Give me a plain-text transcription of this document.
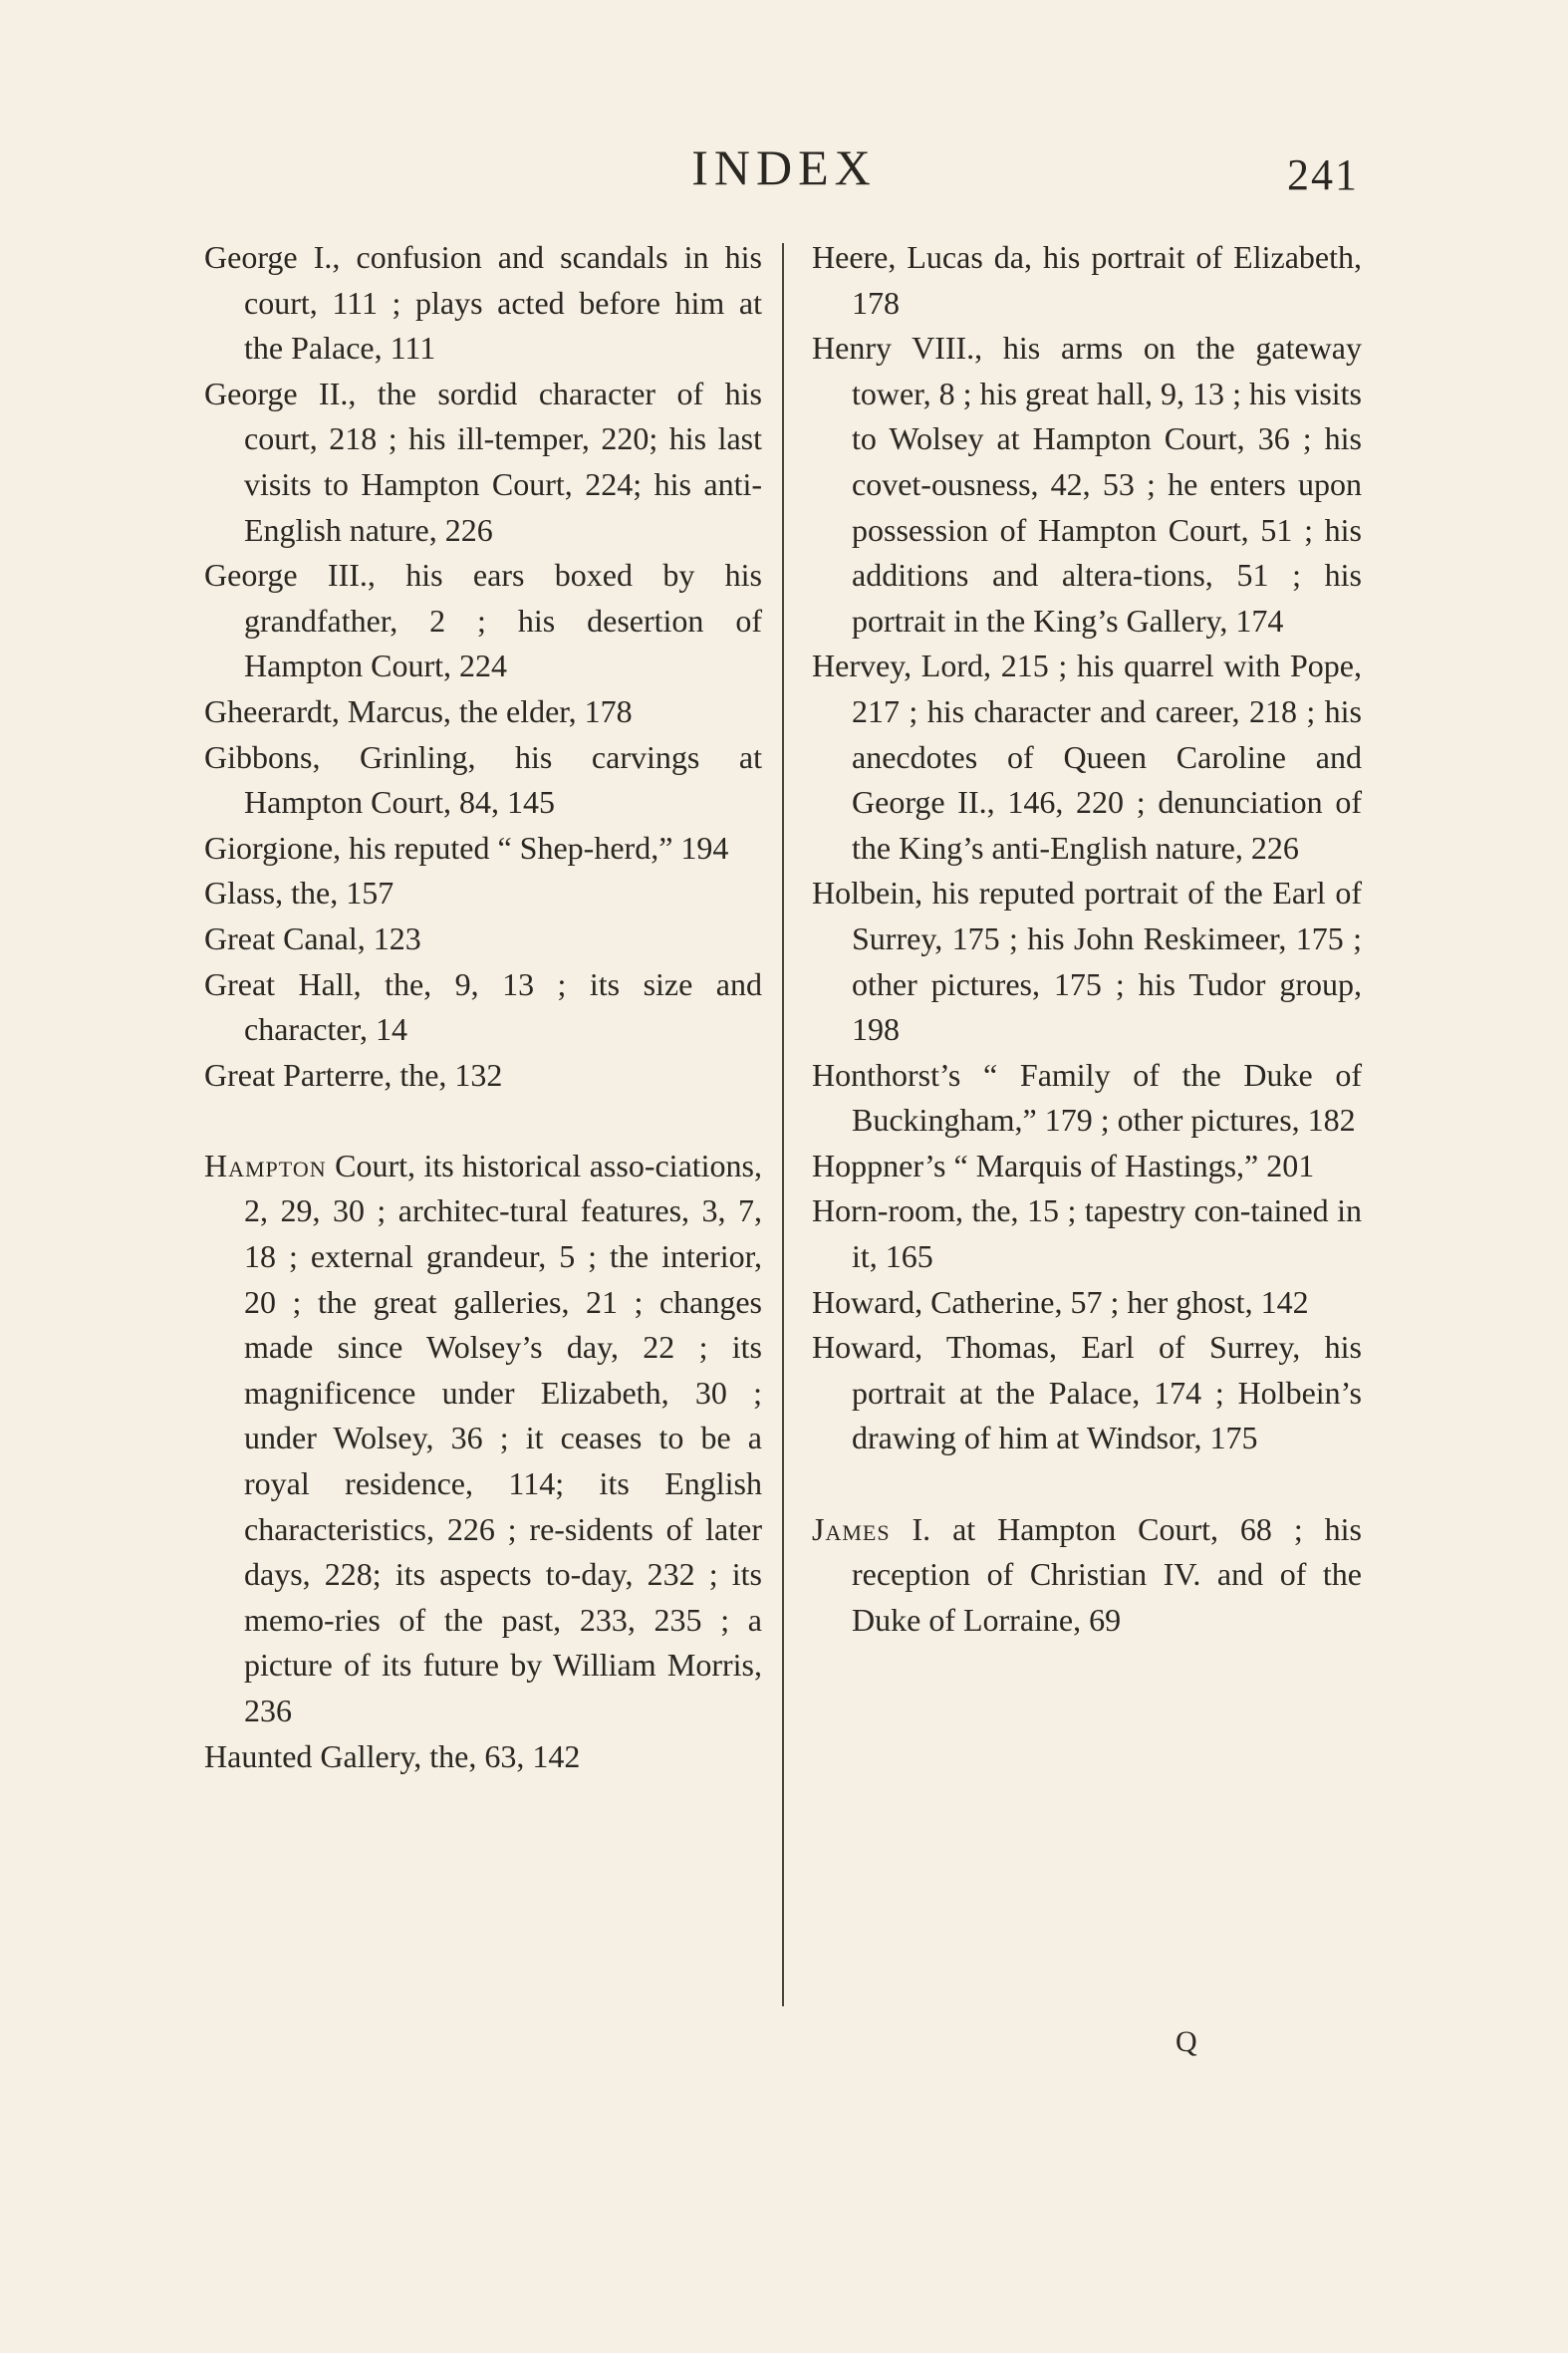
INDEX	241

George I., confusion and scandals in his court, 111 ; plays acted before him at the Palace, 111

George II., the sordid character of his court, 218 ; his ill-temper, 220; his last visits to Hampton Court, 224; his anti-English nature, 226

George III., his ears boxed by his grandfather, 2 ; his desertion of Hampton Court, 224

Gheerardt, Marcus, the elder, 178

Gibbons, Grinling, his carvings at Hampton Court, 84, 145

Giorgione, his reputed “ Shep-herd,” 194

Glass, the, 157

Great Canal, 123

Great Hall, the, 9, 13 ; its size and character, 14

Great Parterre, the, 132

Hampton Court, its historical asso-ciations, 2, 29, 30 ; architec-tural features, 3, 7, 18 ; external grandeur, 5 ; the interior, 20 ; the great galleries, 21 ; changes made since Wolsey’s day, 22 ; its magnificence under Elizabeth, 30 ; under Wolsey, 36 ; it ceases to be a royal residence, 114; its English characteristics, 226 ; re-sidents of later days, 228; its aspects to-day, 232 ; its memo-ries of the past, 233, 235 ; a picture of its future by William Morris, 236

Haunted Gallery, the, 63, 142

Heere, Lucas da, his portrait of Elizabeth, 178

Henry VIII., his arms on the gateway tower, 8 ; his great hall, 9, 13 ; his visits to Wolsey at Hampton Court, 36 ; his covet-ousness, 42, 53 ; he enters upon possession of Hampton Court, 51 ; his additions and altera-tions, 51 ; his portrait in the King’s Gallery, 174

Hervey, Lord, 215 ; his quarrel with Pope, 217 ; his character and career, 218 ; his anecdotes of Queen Caroline and George II., 146, 220 ; denunciation of the King’s anti-English nature, 226

Holbein, his reputed portrait of the Earl of Surrey, 175 ; his John Reskimeer, 175 ; other pictures, 175 ; his Tudor group, 198

Honthorst’s “ Family of the Duke of Buckingham,” 179 ; other pictures, 182

Hoppner’s “ Marquis of Hastings,” 201

Horn-room, the, 15 ; tapestry con-tained in it, 165

Howard, Catherine, 57 ; her ghost, 142

Howard, Thomas, Earl of Surrey, his portrait at the Palace, 174 ; Holbein’s drawing of him at Windsor, 175

James I. at Hampton Court, 68 ; his reception of Christian IV. and of the Duke of Lorraine, 69

Q
